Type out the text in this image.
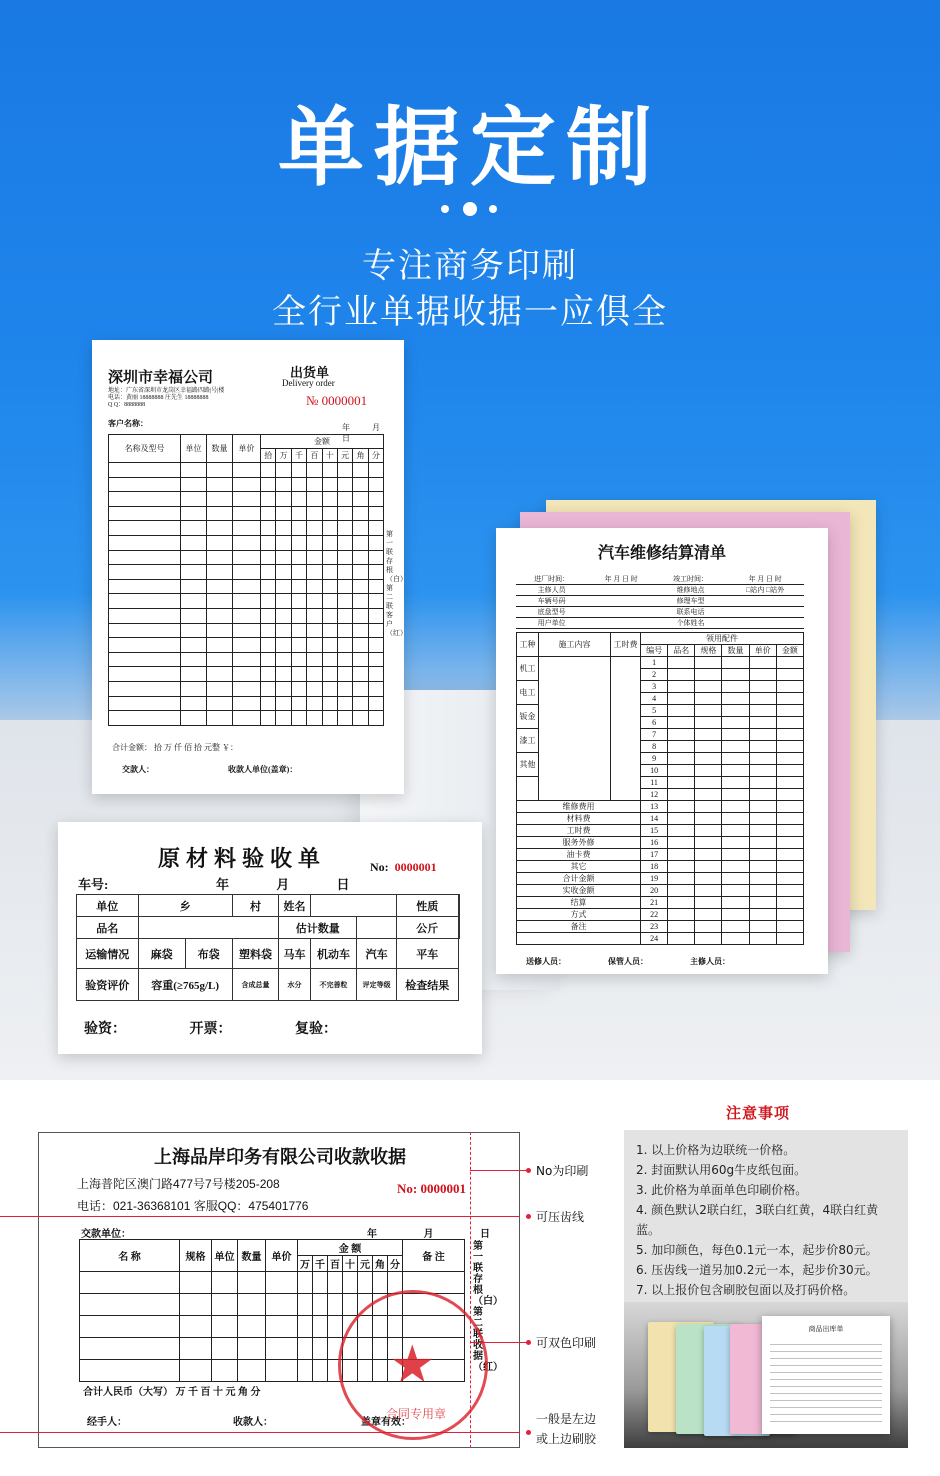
单据定制
专注商务印刷
全行业单据收据一应俱全
深圳市幸福公司
地址：广东省深圳市龙岗区幸福路四路|号|楼
电话：黄丽 18888888 庄先生 18888888
Q Q：8888888
出货单
Delivery order
№ 0000001
客户名称：	年 月 日
名称及型号	单位	数量	单价	金额							
				拾	万	千	百	十	元	角	分

合计金额： 拾 万 仟 佰 拾 元整 ￥：
交款人：	收款人单位(盖章)：
第一联存根（白）第二联客户（红）
汽车维修结算清单
进厂时间：	年 月 日 时	竣工时间：	年 月 日 时
主修人员		维修地点	□站内 □站外
车辆号码		修理车型	
底盘型号		联系电话	
用户单位		个体姓名	
工种	施工内容	工时费	领用配件					
			编号	品名	规格	数量	单价	金额
机工			1					
			2					
电工			3					
			4					
钣金			5					
			6					
漆工			7					
			8					
其他			9					
			10					
			11					
			12					
维修费用			13					
材料费			14					
工时费			15					
服务外修			16					
油卡费			17					
其它			18					
合计金额			19					
实收金额			20					
结算			21					
方式			22					
备注			23					
			24					
送修人员： 保管人员： 主修人员：
原材料验收单	No: 0000001
车号:	年 月 日
单位	乡		村	姓名			性质	
品名				估计数量			公斤	
运输情况	麻袋	布袋	塑料袋	马车	机动车	汽车	平车	
验资评价	容重(≥765g/L)		含成总量	水分	不完善粒	评定等级	检查结果	
验资： 开票： 复验：
上海品岸印务有限公司收款收据
上海普陀区澳门路477号7号楼205-208
电话：021-36368101 客服QQ：475401776
No: 0000001
交款单位：	年 月 日
名 称	规格	单位	数量	单价	金 额							备 注
					万	千	百	十	元	角	分	

合计人民币（大写） 万 千 百 十 元 角 分
经手人：	收款人：	盖章有效：
第一联存根（白）第二联收据（红）
★
合同专用章
No为印刷
可压齿线
可双色印刷
一般是左边
或上边刷胶
注意事项
1. 以上价格为边联统一价格。
2. 封面默认用60g牛皮纸包面。
3. 此价格为单面单色印刷价格。
4. 颜色默认2联白红，3联白红黄，4联白红黄蓝。
5. 加印颜色，每色0.1元一本，起步价80元。
6. 压齿线一道另加0.2元一本，起步价30元。
7. 以上报价包含刷胶包面以及打码价格。
商品出库单
